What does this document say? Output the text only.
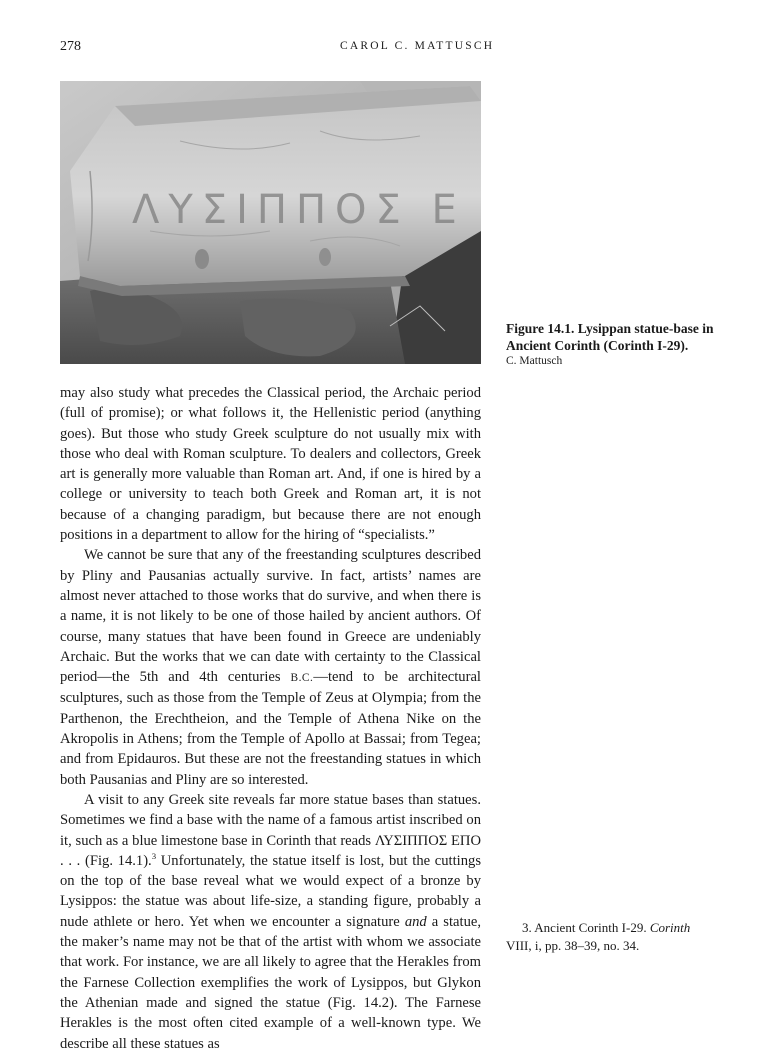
278	CAROL C. MATTUSCH
ΛΥΣΙΠΠΟΣ Ε

Figure 14.1. Lysippan statue-base in Ancient Corinth (Corinth I-29).

C. Mattusch

may also study what precedes the Classical period, the Archaic period (full of promise); or what follows it, the Hellenistic period (anything goes). But those who study Greek sculpture do not usually mix with those who deal with Roman sculpture. To dealers and collectors, Greek art is generally more valuable than Roman art. And, if one is hired by a college or university to teach both Greek and Roman art, it is not because of a changing paradigm, but because there are not enough positions in a department to allow for the hiring of “specialists.”

We cannot be sure that any of the freestanding sculptures described by Pliny and Pausanias actually survive. In fact, artists’ names are almost never attached to those works that do survive, and when there is a name, it is not likely to be one of those hailed by ancient authors. Of course, many statues that have been found in Greece are undeniably Archaic. But the works that we can date with certainty to the Classical period—the 5th and 4th centuries B.C.—tend to be architectural sculptures, such as those from the Temple of Zeus at Olympia; from the Parthenon, the Erechtheion, and the Temple of Athena Nike on the Akropolis in Athens; from the Temple of Apollo at Bassai; from Tegea; and from Epidauros. But these are not the freestanding statues in which both Pausanias and Pliny are so interested.

A visit to any Greek site reveals far more statue bases than statues. Sometimes we find a base with the name of a famous artist inscribed on it, such as a blue limestone base in Corinth that reads ΛΥΣΙΠΠΟΣ ΕΠΟ . . . (Fig. 14.1).$^3$ Unfortunately, the statue itself is lost, but the cuttings on the top of the base reveal what we would expect of a bronze by Lysippos: the statue was about life-size, a standing figure, probably a nude athlete or hero. Yet when we encounter a signature and a statue, the maker’s name may not be that of the artist with whom we associate that work. For instance, we are all likely to agree that the Herakles from the Farnese Collection exemplifies the work of Lysippos, but Glykon the Athenian made and signed the statue (Fig. 14.2). The Farnese Herakles is the most often cited example of a well-known type. We describe all these statues as

3. Ancient Corinth I-29. Corinth
VIII, i, pp. 38–39, no. 34.
